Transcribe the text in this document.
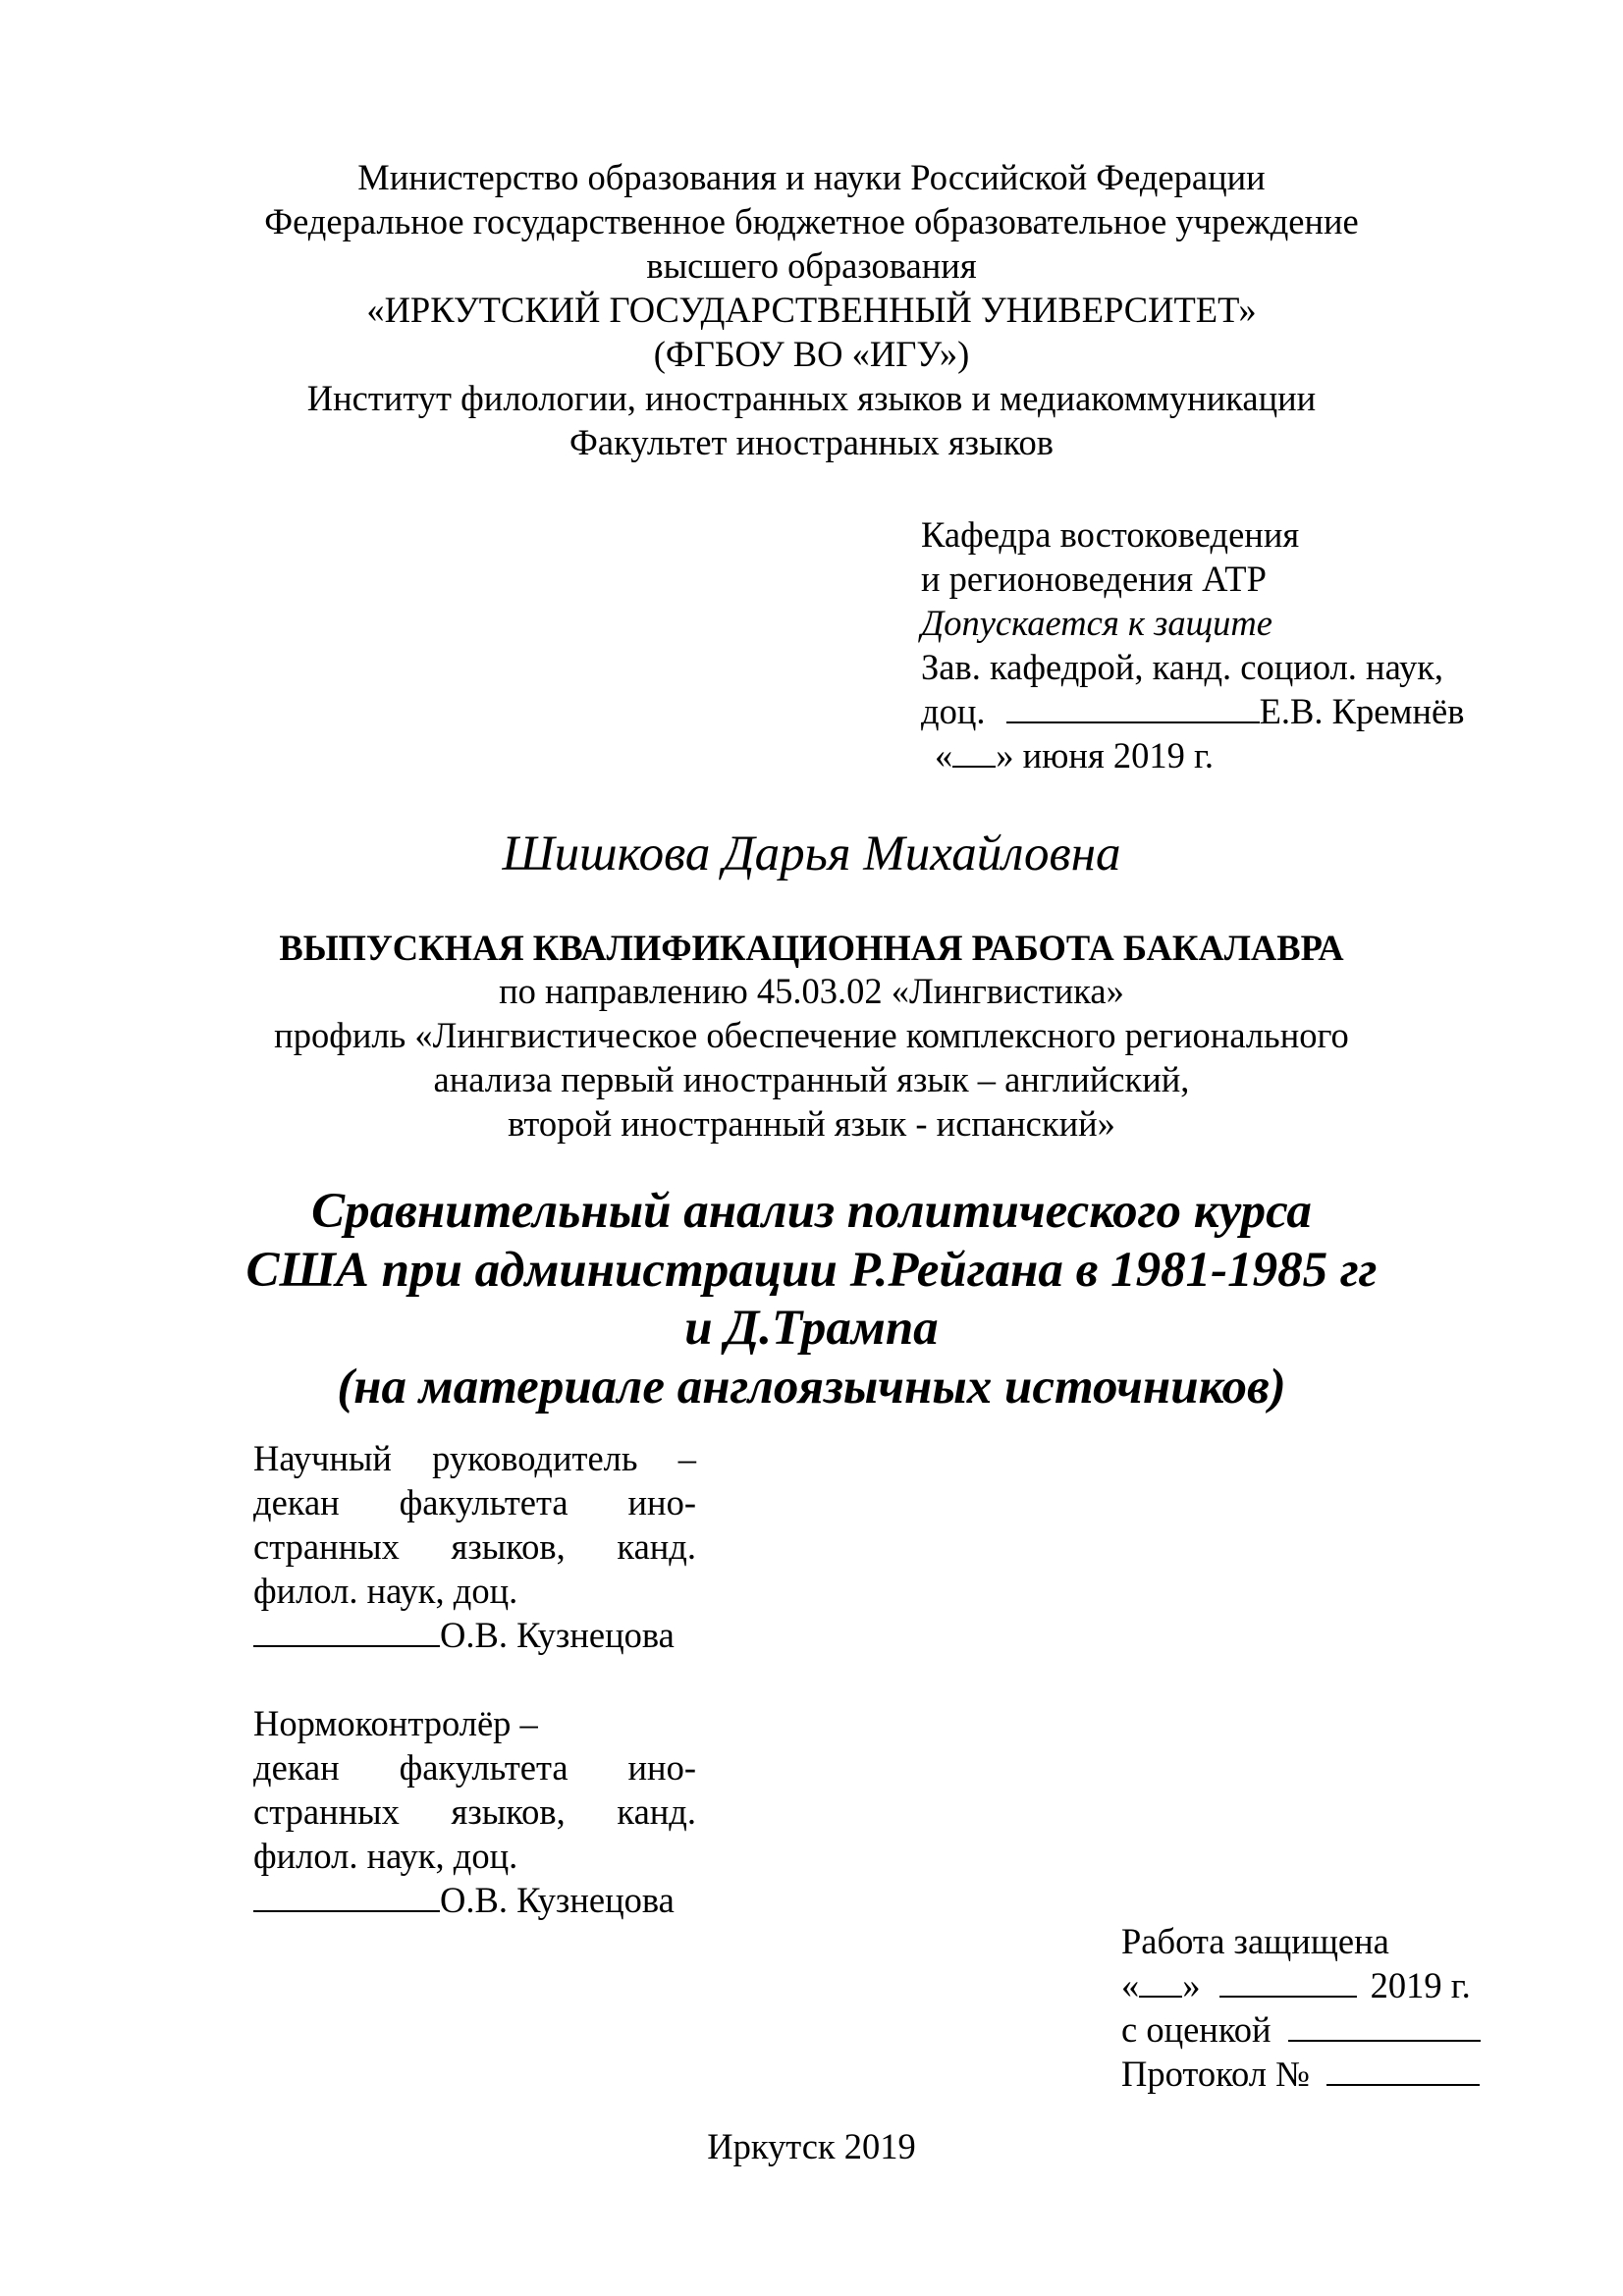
Министерство образования и науки Российской Федерации
Федеральное государственное бюджетное образовательное учреждение
высшего образования
«ИРКУТСКИЙ ГОСУДАРСТВЕННЫЙ УНИВЕРСИТЕТ»
(ФГБОУ ВО «ИГУ»)
Институт филологии, иностранных языков и медиакоммуникации
Факультет иностранных языков
Кафедра востоковедения
и регионоведения АТР
Допускается к защите
Зав. кафедрой, канд. социол. наук,
доц.	Е.В. Кремнёв
« » июня 2019 г.
Шишкова Дарья Михайловна
ВЫПУСКНАЯ КВАЛИФИКАЦИОННАЯ РАБОТА БАКАЛАВРА
по направлению 45.03.02 «Лингвистика»
профиль «Лингвистическое обеспечение комплексного регионального
анализа первый иностранный язык – английский,
второй иностранный язык - испанский»
Сравнительный анализ политического курса
США при администрации Р.Рейгана в 1981-1985 гг
и Д.Трампа
(на материале англоязычных источников)
Научный руководитель –
декан факультета ино-
странных языков, канд.
филол. наук, доц.
О.В. Кузнецова
Нормоконтролёр –
декан факультета ино-
странных языков, канд.
филол. наук, доц.
О.В. Кузнецова
Работа защищена
« »	2019 г.
с оценкой
Протокол №
Иркутск 2019
